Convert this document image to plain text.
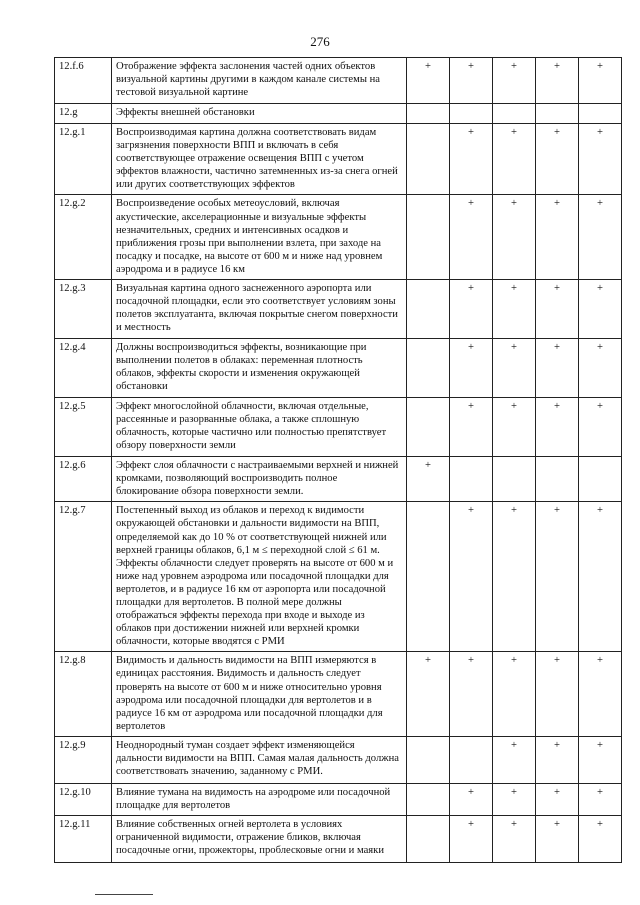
276
12.f.6	Отображение эффекта заслонения частей одних объектов визуальной картины другими в каждом канале системы на тестовой визуальной картине	+	+	+	+	+
12.g	Эффекты внешней обстановки					
12.g.1	Воспроизводимая картина должна соответствовать видам загрязнения поверхности ВПП и включать в себя соответствующее отражение освещения ВПП с учетом эффектов влажности, частично затемненных из-за снега огней или других соответствующих эффектов		+	+	+	+
12.g.2	Воспроизведение особых метеоусловий, включая акустические, акселерационные и визуальные эффекты незначительных, средних и интенсивных осадков и приближения грозы при выполнении взлета, при заходе на посадку и посадке, на высоте от 600 м и ниже над уровнем аэродрома и в радиусе 16 км		+	+	+	+
12.g.3	Визуальная картина одного заснеженного аэропорта или посадочной площадки, если это соответствует условиям зоны полетов эксплуатанта, включая покрытые снегом поверхности и местность		+	+	+	+
12.g.4	Должны воспроизводиться эффекты, возникающие при выполнении полетов в облаках: переменная плотность облаков, эффекты скорости и изменения окружающей обстановки		+	+	+	+
12.g.5	Эффект многослойной облачности, включая отдельные, рассеянные и разорванные облака, а также сплошную облачность, которые частично или полностью препятствует обзору поверхности земли		+	+	+	+
12.g.6	Эффект слоя облачности с настраиваемыми верхней и нижней кромками, позволяющий воспроизводить полное блокирование обзора поверхности земли.	+				
12.g.7	Постепенный выход из облаков и переход к видимости окружающей обстановки и дальности видимости на ВПП, определяемой как до 10 % от соответствующей нижней или верхней границы облаков, 6,1 м ≤ переходной слой ≤ 61 м. Эффекты облачности следует проверять на высоте от 600 м и ниже над уровнем аэродрома или посадочной площадки для вертолетов, и в радиусе 16 км от аэропорта или посадочной площадки для вертолетов. В полной мере должны отображаться эффекты перехода при входе и выходе из облаков при достижении нижней или верхней кромки облачности, которые вводятся с РМИ		+	+	+	+
12.g.8	Видимость и дальность видимости на ВПП измеряются в единицах расстояния. Видимость и дальность следует проверять на высоте от 600 м и ниже относительно уровня аэродрома или посадочной площадки для вертолетов и в радиусе 16 км от аэродрома или посадочной площадки для вертолетов	+	+	+	+	+
12.g.9	Неоднородный туман создает эффект изменяющейся дальности видимости на ВПП. Самая малая дальность должна соответствовать значению, заданному с РМИ.			+	+	+
12.g.10	Влияние тумана на видимость на аэродроме или посадочной площадке для вертолетов		+	+	+	+
12.g.11	Влияние собственных огней вертолета в условиях ограниченной видимости, отражение бликов, включая посадочные огни, прожекторы, проблесковые огни и маяки		+	+	+	+
